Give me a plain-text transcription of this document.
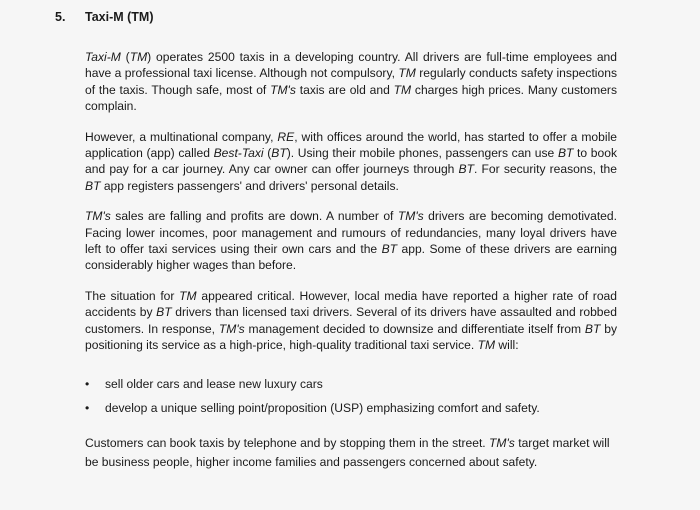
5. Taxi-M (TM)

Taxi-M (TM) operates 2500 taxis in a developing country. All drivers are full-time employees and have a professional taxi license. Although not compulsory, TM regularly conducts safety inspections of the taxis. Though safe, most of TM's taxis are old and TM charges high prices. Many customers complain.

However, a multinational company, RE, with offices around the world, has started to offer a mobile application (app) called Best-Taxi (BT). Using their mobile phones, passengers can use BT to book and pay for a car journey. Any car owner can offer journeys through BT. For security reasons, the BT app registers passengers' and drivers' personal details.

TM's sales are falling and profits are down. A number of TM's drivers are becoming demotivated. Facing lower incomes, poor management and rumours of redundancies, many loyal drivers have left to offer taxi services using their own cars and the BT app. Some of these drivers are earning considerably higher wages than before.

The situation for TM appeared critical. However, local media have reported a higher rate of road accidents by BT drivers than licensed taxi drivers. Several of its drivers have assaulted and robbed customers. In response, TM's management decided to downsize and differentiate itself from BT by positioning its service as a high-price, high-quality traditional taxi service. TM will:

• sell older cars and lease new luxury cars
• develop a unique selling point/proposition (USP) emphasizing comfort and safety.

Customers can book taxis by telephone and by stopping them in the street. TM's target market will be business people, higher income families and passengers concerned about safety.
